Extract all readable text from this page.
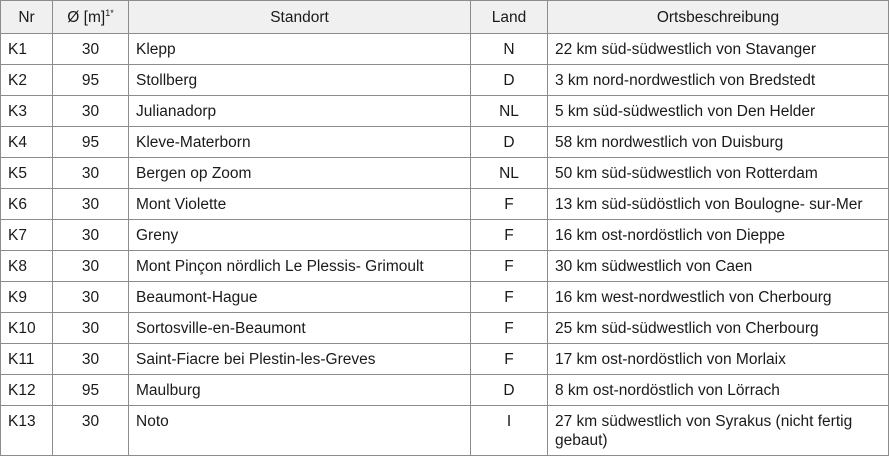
Nr	Ø $[m]^{1*}$	Standort	Land	Ortsbeschreibung
K1	30	Klepp	N	22 km süd-südwestlich von Stavanger
K2	95	Stollberg	D	3 km nord-nordwestlich von Bredstedt
K3	30	Julianadorp	NL	5 km süd-südwestlich von Den Helder
K4	95	Kleve-Materborn	D	58 km nordwestlich von Duisburg
K5	30	Bergen op Zoom	NL	50 km süd-südwestlich von Rotterdam
K6	30	Mont Violette	F	13 km süd-südöstlich von Boulogne- sur-Mer
K7	30	Greny	F	16 km ost-nordöstlich von Dieppe
K8	30	Mont Pinçon nördlich Le Plessis- Grimoult	F	30 km südwestlich von Caen
K9	30	Beaumont-Hague	F	16 km west-nordwestlich von Cherbourg
K10	30	Sortosville-en-Beaumont	F	25 km süd-südwestlich von Cherbourg
K11	30	Saint-Fiacre bei Plestin-les-Greves	F	17 km ost-nordöstlich von Morlaix
K12	95	Maulburg	D	8 km ost-nordöstlich von Lörrach
K13	30	Noto	I	27 km südwestlich von Syrakus (nicht fertig gebaut)
